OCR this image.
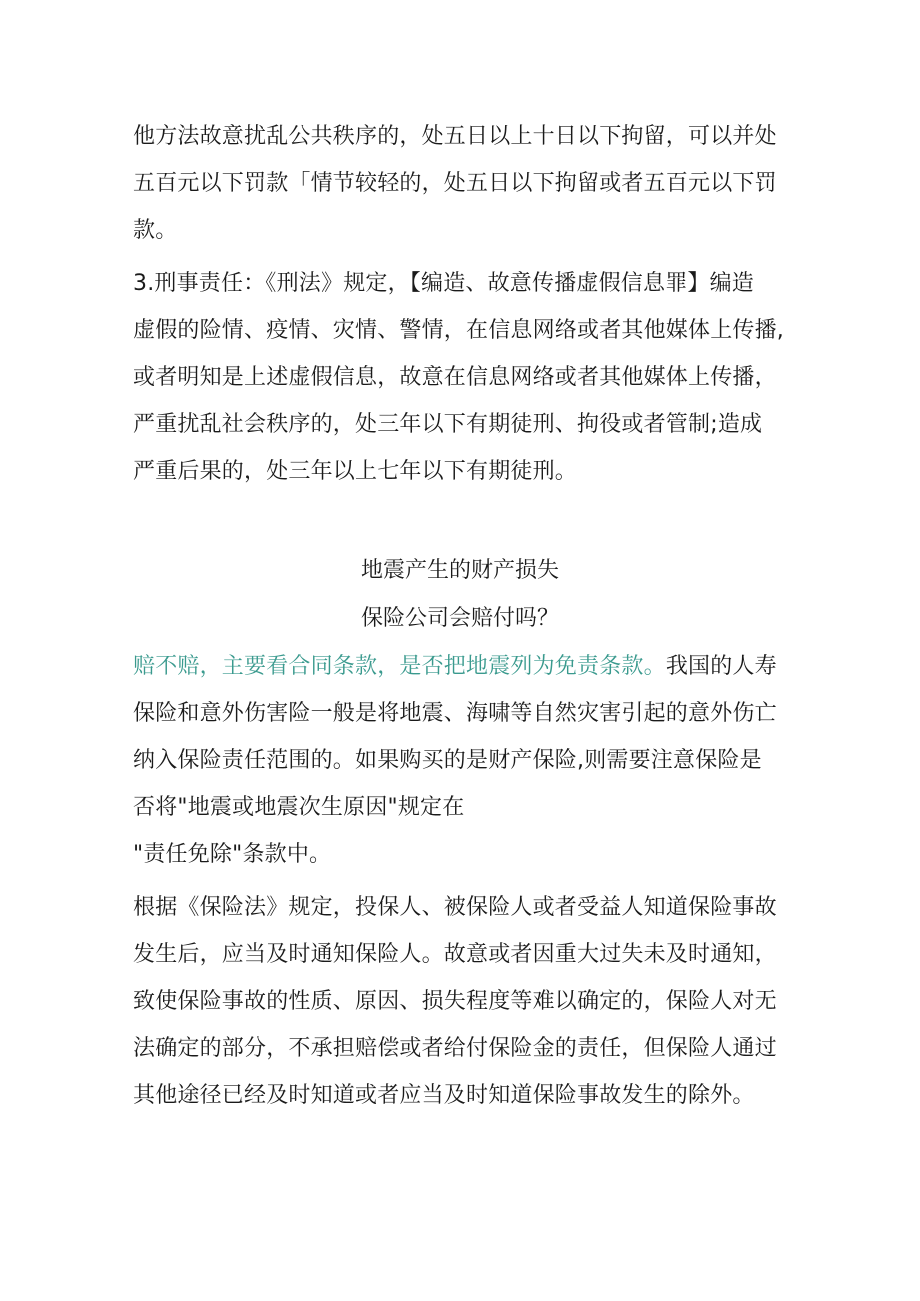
他方法故意扰乱公共秩序的，处五日以上十日以下拘留，可以并处
五百元以下罚款「情节较轻的，处五日以下拘留或者五百元以下罚
款。
3.刑事责任：《刑法》规定，【编造、故意传播虚假信息罪】编造
虚假的险情、疫情、灾情、警情，在信息网络或者其他媒体上传播,
或者明知是上述虚假信息，故意在信息网络或者其他媒体上传播，
严重扰乱社会秩序的，处三年以下有期徒刑、拘役或者管制;造成
严重后果的，处三年以上七年以下有期徒刑。

地震产生的财产损失

保险公司会赔付吗？

赔不赔，主要看合同条款，是否把地震列为免责条款。我国的人寿
保险和意外伤害险一般是将地震、海啸等自然灾害引起的意外伤亡
纳入保险责任范围的。如果购买的是财产保险,则需要注意保险是
否将"地震或地震次生原因"规定在
"责任免除"条款中。
根据《保险法》规定，投保人、被保险人或者受益人知道保险事故
发生后，应当及时通知保险人。故意或者因重大过失未及时通知，
致使保险事故的性质、原因、损失程度等难以确定的，保险人对无
法确定的部分，不承担赔偿或者给付保险金的责任，但保险人通过
其他途径已经及时知道或者应当及时知道保险事故发生的除外。
